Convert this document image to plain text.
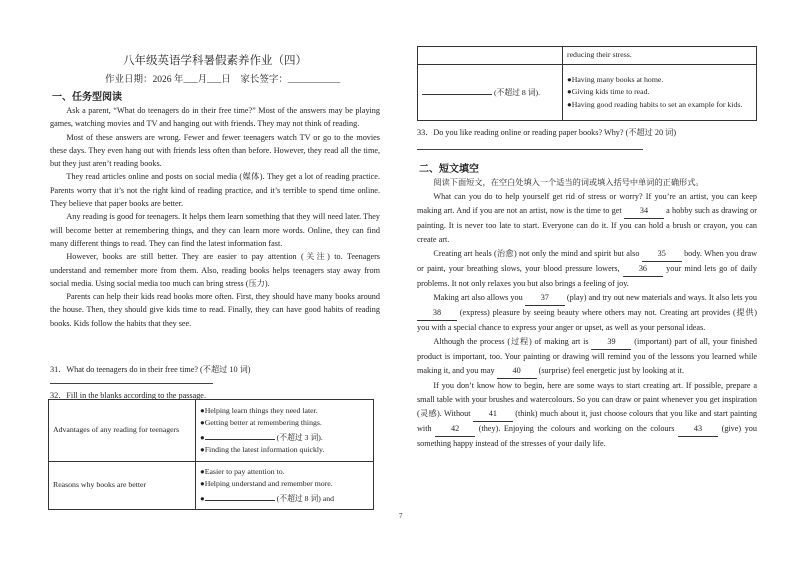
八年级英语学科暑假素养作业（四）
作业日期：2026 年___月___日 家长签字：___________
一、任务型阅读

Ask a parent, “What do teenagers do in their free time?” Most of the answers may be playing games, watching movies and TV and hanging out with friends. They may not think of reading.

Most of these answers are wrong. Fewer and fewer teenagers watch TV or go to the movies these days. They even hang out with friends less often than before. However, they read all the time, but they just aren’t reading books.

They read articles online and posts on social media (媒体). They get a lot of reading practice. Parents worry that it’s not the right kind of reading practice, and it’s terrible to spend time online. They believe that paper books are better.

Any reading is good for teenagers. It helps them learn something that they will need later. They will become better at remembering things, and they can learn more words. Online, they can find many different things to read. They can find the latest information fast.

However, books are still better. They are easier to pay attention (关注) to. Teenagers understand and remember more from them. Also, reading books helps teenagers stay away from social media. Using social media too much can bring stress (压力).

Parents can help their kids read books more often. First, they should have many books around the house. Then, they should give kids time to read. Finally, they can have good habits of reading books. Kids follow the habits that they see.

31．What do teenagers do in their free time? (不超过 10 词)
32．Fill in the blanks according to the passage.
Advantages of any reading for teenagers	●Helping learn things they need later.
●Getting better at remembering things.
● (不超过 3 词).
●Finding the latest information quickly.

Reasons why books are better	●Easier to pay attention to.
●Helping understand and remember more.
● (不超过 8 词) and
	reducing their stress.
(不超过 8 词).	●Having many books at home.
●Giving kids time to read.
●Having good reading habits to set an example for kids.
33．Do you like reading online or reading paper books? Why? (不超过 20 词)
二、短文填空

阅读下面短文，在空白处填入一个适当的词或填入括号中单词的正确形式。

What can you do to help yourself get rid of stress or worry? If you’re an artist, you can keep making art. And if you are not an artist, now is the time to get 34 a hobby such as drawing or painting. It is never too late to start. Everyone can do it. If you can hold a brush or crayon, you can create art.

Creating art heals (治愈) not only the mind and spirit but also 35 body. When you draw or paint, your breathing slows, your blood pressure lowers, 36 your mind lets go of daily problems. It not only relaxes you but also brings a feeling of joy.

Making art also allows you 37 (play) and try out new materials and ways. It also lets you 38 (express) pleasure by seeing beauty where others may not. Creating art provides (提供) you with a special chance to express your anger or upset, as well as your personal ideas.

Although the process (过程) of making art is 39 (important) part of all, your finished product is important, too. Your painting or drawing will remind you of the lessons you learned while making it, and you may 40 (surprise) feel energetic just by looking at it.

If you don’t know how to begin, here are some ways to start creating art. If possible, prepare a small table with your brushes and watercolours. So you can draw or paint whenever you get inspiration (灵感). Without 41 (think) much about it, just choose colours that you like and start painting with 42 (they). Enjoying the colours and working on the colours 43 (give) you something happy instead of the stresses of your daily life.

7
